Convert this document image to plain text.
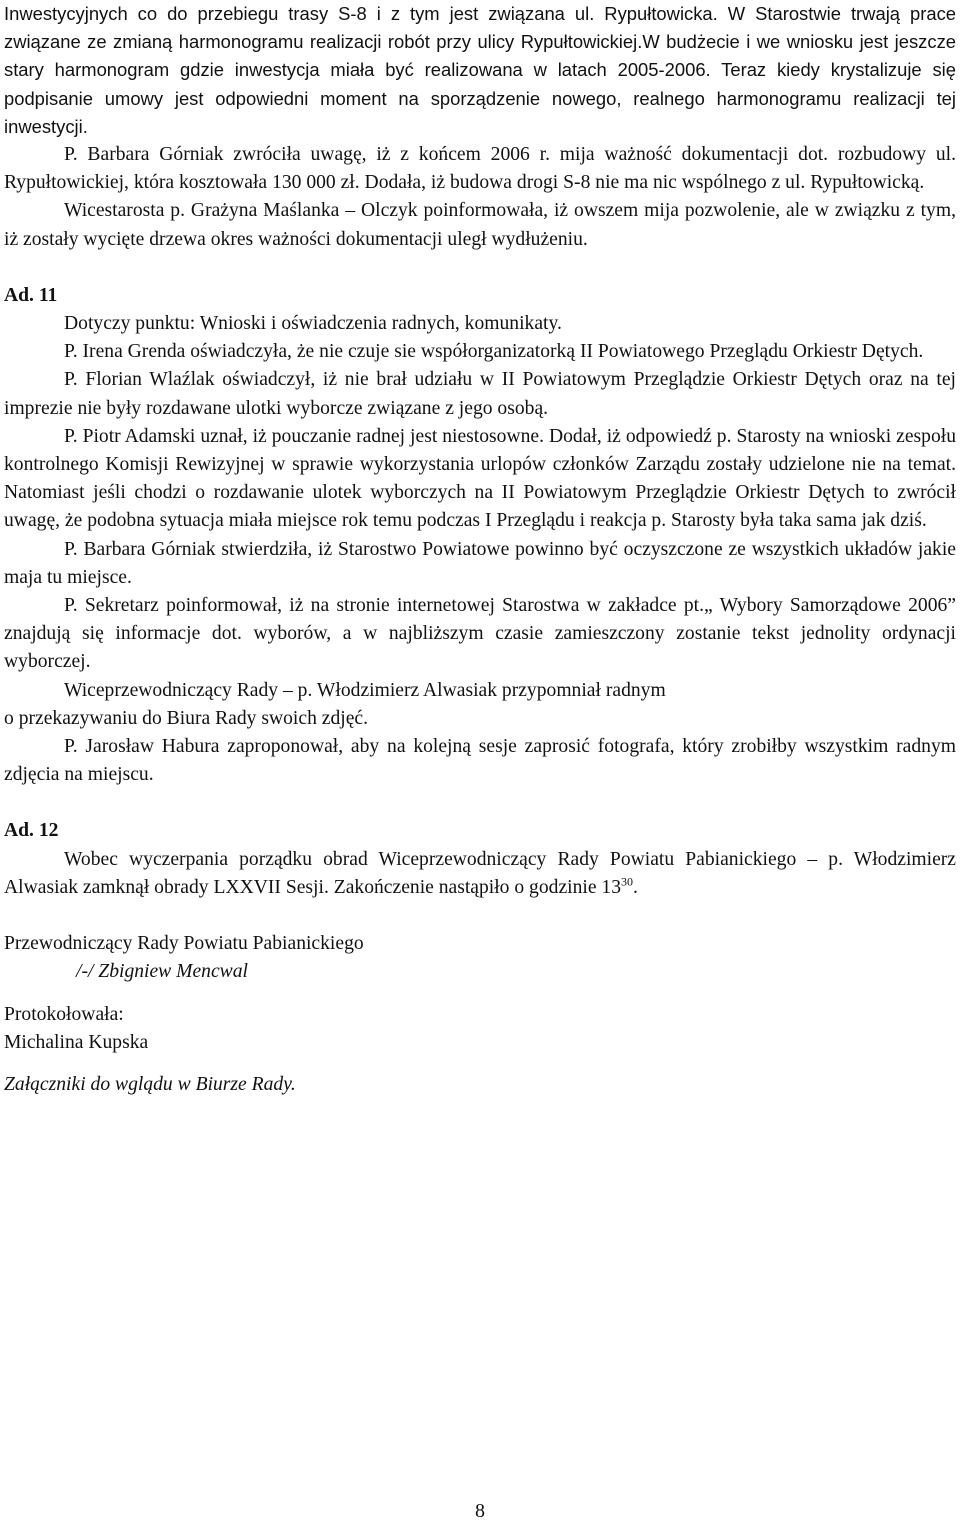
Inwestycyjnych co do przebiegu trasy S-8 i z tym jest związana ul. Rypułtowicka. W Starostwie trwają prace związane ze zmianą harmonogramu realizacji robót przy ulicy Rypułtowickiej.W budżecie i we wniosku jest jeszcze stary harmonogram gdzie inwestycja miała być realizowana w latach 2005-2006. Teraz kiedy krystalizuje się podpisanie umowy jest odpowiedni moment na sporządzenie nowego, realnego harmonogramu realizacji tej inwestycji.

P. Barbara Górniak zwróciła uwagę, iż z końcem 2006 r. mija ważność dokumentacji dot. rozbudowy ul. Rypułtowickiej, która kosztowała 130 000 zł. Dodała, iż budowa drogi S-8 nie ma nic wspólnego z ul. Rypułtowicką.

Wicestarosta p. Grażyna Maślanka – Olczyk poinformowała, iż owszem mija pozwolenie, ale w związku z tym, iż zostały wycięte drzewa okres ważności dokumentacji uległ wydłużeniu.

Ad. 11

Dotyczy punktu: Wnioski i oświadczenia radnych, komunikaty.

P. Irena Grenda oświadczyła, że nie czuje sie współorganizatorką II Powiatowego Przeglądu Orkiestr Dętych.

P. Florian Wlaźlak oświadczył, iż nie brał udziału w II Powiatowym Przeglądzie Orkiestr Dętych oraz na tej imprezie nie były rozdawane ulotki wyborcze związane z jego osobą.

P. Piotr Adamski uznał, iż pouczanie radnej jest niestosowne. Dodał, iż odpowiedź p. Starosty na wnioski zespołu kontrolnego Komisji Rewizyjnej w sprawie wykorzystania urlopów członków Zarządu zostały udzielone nie na temat. Natomiast jeśli chodzi o rozdawanie ulotek wyborczych na II Powiatowym Przeglądzie Orkiestr Dętych to zwrócił uwagę, że podobna sytuacja miała miejsce rok temu podczas I Przeglądu i reakcja p. Starosty była taka sama jak dziś.

P. Barbara Górniak stwierdziła, iż Starostwo Powiatowe powinno być oczyszczone ze wszystkich układów jakie maja tu miejsce.

P. Sekretarz poinformował, iż na stronie internetowej Starostwa w zakładce pt.„ Wybory Samorządowe 2006” znajdują się informacje dot. wyborów, a w najbliższym czasie zamieszczony zostanie tekst jednolity ordynacji wyborczej.

Wiceprzewodniczący Rady – p. Włodzimierz Alwasiak przypomniał radnym

o przekazywaniu do Biura Rady swoich zdjęć.

P. Jarosław Habura zaproponował, aby na kolejną sesje zaprosić fotografa, który zrobiłby wszystkim radnym zdjęcia na miejscu.

Ad. 12

Wobec wyczerpania porządku obrad Wiceprzewodniczący Rady Powiatu Pabianickiego – p. Włodzimierz Alwasiak zamknął obrady LXXVII Sesji. Zakończenie nastąpiło o godzinie $13^{30}$.

Przewodniczący Rady Powiatu Pabianickiego

/-/ Zbigniew Mencwal

Protokołowała:

Michalina Kupska

Załączniki do wglądu w Biurze Rady.

8
